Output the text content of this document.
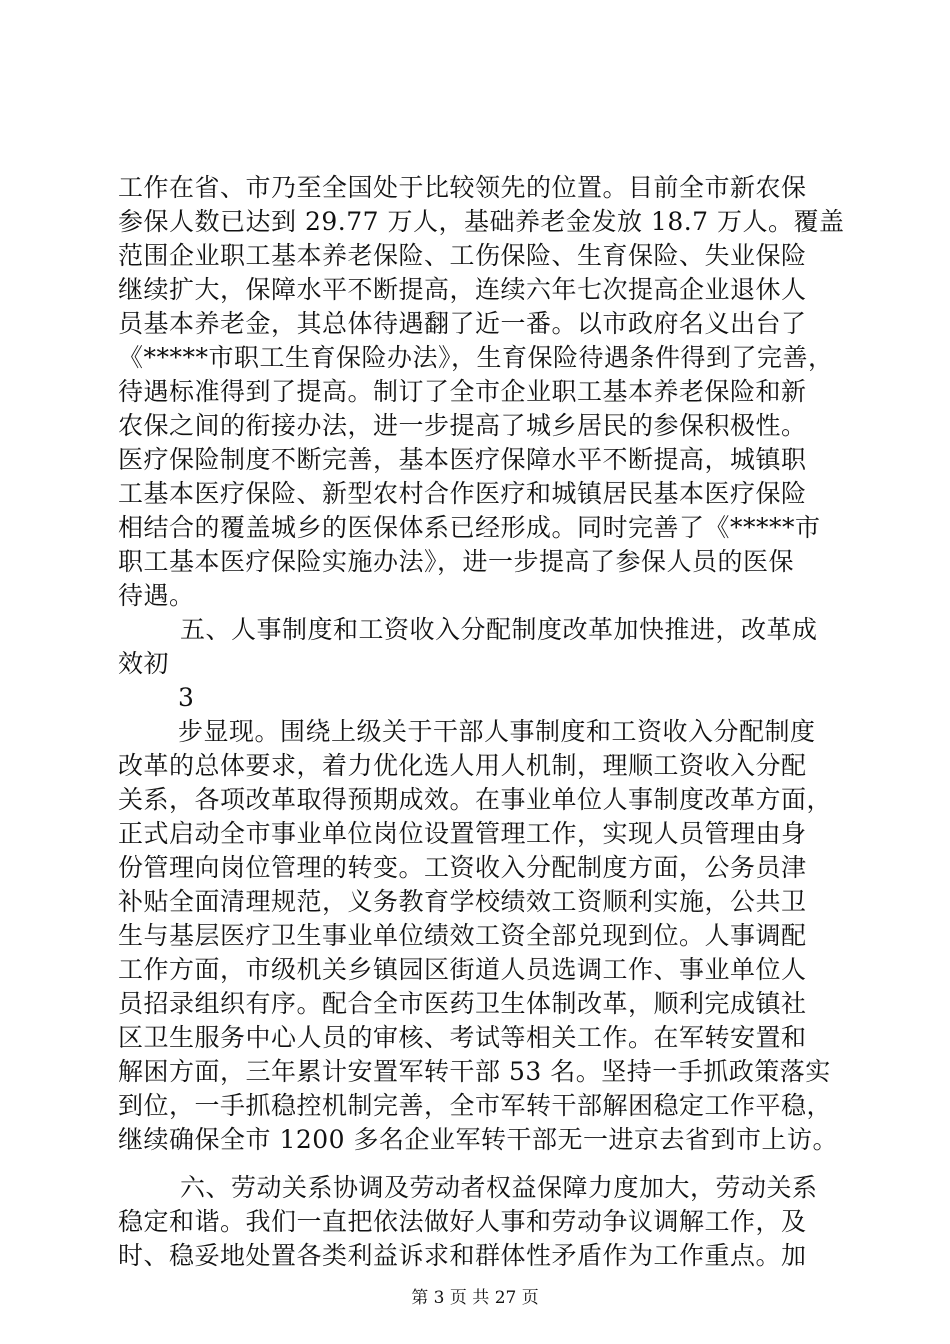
工作在省、市乃至全国处于比较领先的位置。目前全市新农保
参保人数已达到 29.77 万人，基础养老金发放 18.7 万人。覆盖
范围企业职工基本养老保险、工伤保险、生育保险、失业保险
继续扩大，保障水平不断提高，连续六年七次提高企业退休人
员基本养老金，其总体待遇翻了近一番。以市政府名义出台了
《*****市职工生育保险办法》，生育保险待遇条件得到了完善，
待遇标准得到了提高。制订了全市企业职工基本养老保险和新
农保之间的衔接办法，进一步提高了城乡居民的参保积极性。
医疗保险制度不断完善，基本医疗保障水平不断提高，城镇职
工基本医疗保险、新型农村合作医疗和城镇居民基本医疗保险
相结合的覆盖城乡的医保体系已经形成。同时完善了《*****市
职工基本医疗保险实施办法》，进一步提高了参保人员的医保
待遇。
五、人事制度和工资收入分配制度改革加快推进，改革成
效初
3
步显现。围绕上级关于干部人事制度和工资收入分配制度
改革的总体要求，着力优化选人用人机制，理顺工资收入分配
关系，各项改革取得预期成效。在事业单位人事制度改革方面，
正式启动全市事业单位岗位设置管理工作，实现人员管理由身
份管理向岗位管理的转变。工资收入分配制度方面，公务员津
补贴全面清理规范，义务教育学校绩效工资顺利实施，公共卫
生与基层医疗卫生事业单位绩效工资全部兑现到位。人事调配
工作方面，市级机关乡镇园区街道人员选调工作、事业单位人
员招录组织有序。配合全市医药卫生体制改革，顺利完成镇社
区卫生服务中心人员的审核、考试等相关工作。在军转安置和
解困方面，三年累计安置军转干部 53 名。坚持一手抓政策落实
到位，一手抓稳控机制完善，全市军转干部解困稳定工作平稳，
继续确保全市 1200 多名企业军转干部无一进京去省到市上访。
六、劳动关系协调及劳动者权益保障力度加大，劳动关系
稳定和谐。我们一直把依法做好人事和劳动争议调解工作，及
时、稳妥地处置各类利益诉求和群体性矛盾作为工作重点。加
第 3 页 共 27 页
